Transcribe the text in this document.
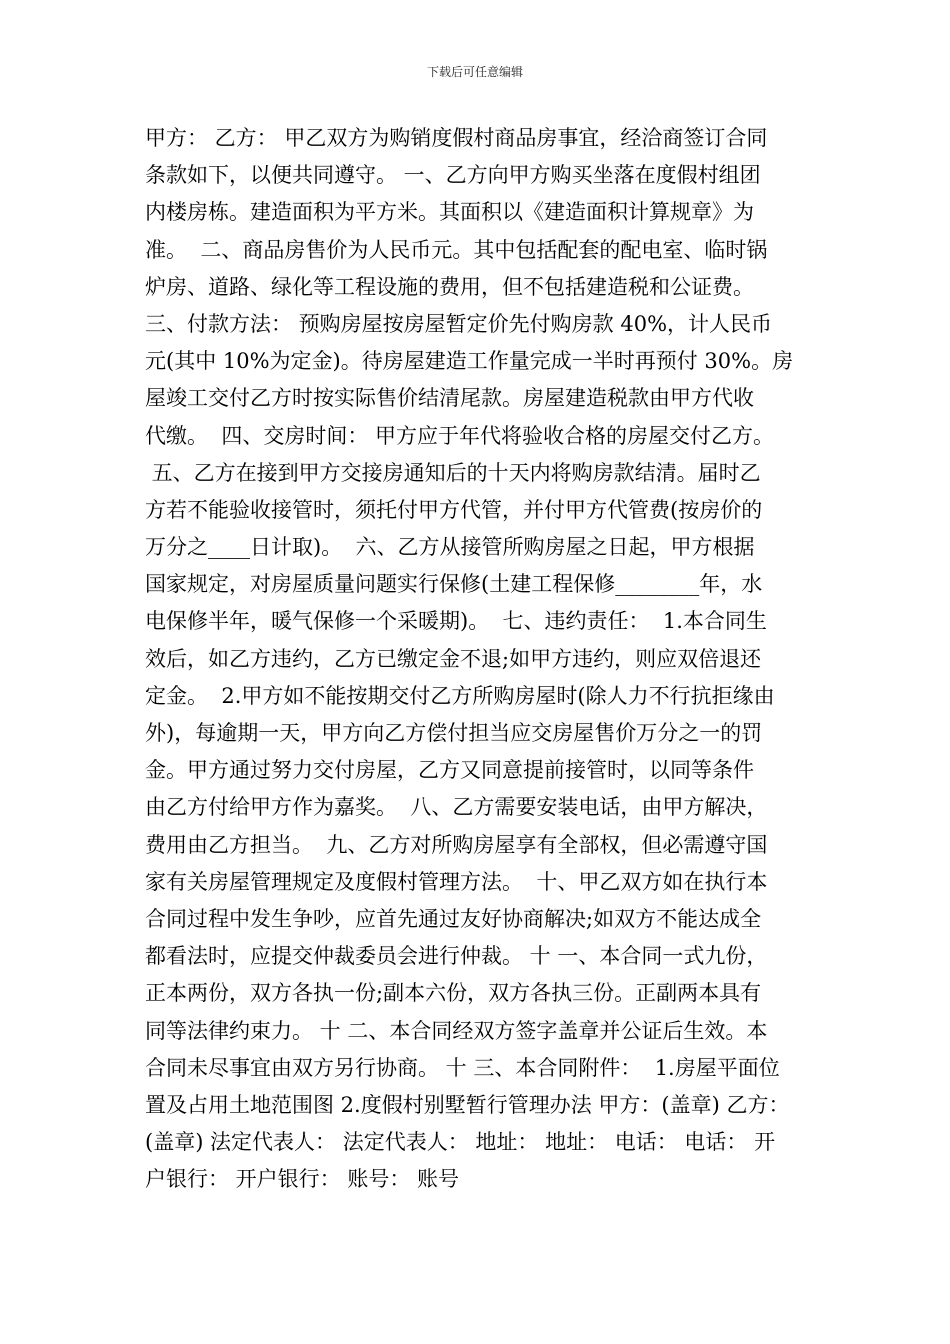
下载后可任意编辑
甲方： 乙方： 甲乙双方为购销度假村商品房事宜，经洽商签订合同
条款如下，以便共同遵守。 一、乙方向甲方购买坐落在度假村组团
内楼房栋。建造面积为平方米。其面积以《建造面积计算规章》为
准。  二、商品房售价为人民币元。其中包括配套的配电室、临时锅
炉房、道路、绿化等工程设施的费用，但不包括建造税和公证费。
三、付款方法： 预购房屋按房屋暂定价先付购房款 40%，计人民币
元(其中 10%为定金)。待房屋建造工作量完成一半时再预付 30%。房
屋竣工交付乙方时按实际售价结清尾款。房屋建造税款由甲方代收
代缴。  四、交房时间： 甲方应于年代将验收合格的房屋交付乙方。
五、乙方在接到甲方交接房通知后的十天内将购房款结清。届时乙
方若不能验收接管时，须托付甲方代管，并付甲方代管费(按房价的
万分之____日计取)。  六、乙方从接管所购房屋之日起，甲方根据
国家规定，对房屋质量问题实行保修(土建工程保修________年，水
电保修半年，暖气保修一个采暖期)。  七、违约责任：  1.本合同生
效后，如乙方违约，乙方已缴定金不退;如甲方违约，则应双倍退还
定金。  2.甲方如不能按期交付乙方所购房屋时(除人力不行抗拒缘由
外)，每逾期一天，甲方向乙方偿付担当应交房屋售价万分之一的罚
金。甲方通过努力交付房屋，乙方又同意提前接管时，以同等条件
由乙方付给甲方作为嘉奖。  八、乙方需要安装电话，由甲方解决，
费用由乙方担当。  九、乙方对所购房屋享有全部权，但必需遵守国
家有关房屋管理规定及度假村管理方法。  十、甲乙双方如在执行本
合同过程中发生争吵，应首先通过友好协商解决;如双方不能达成全
都看法时，应提交仲裁委员会进行仲裁。 十 一、本合同一式九份，
正本两份，双方各执一份;副本六份，双方各执三份。正副两本具有
同等法律约束力。 十 二、本合同经双方签字盖章并公证后生效。本
合同未尽事宜由双方另行协商。 十 三、本合同附件：  1.房屋平面位
置及占用土地范围图 2.度假村别墅暂行管理办法 甲方：(盖章) 乙方：
(盖章) 法定代表人： 法定代表人： 地址： 地址： 电话： 电话： 开
户银行： 开户银行： 账号： 账号
